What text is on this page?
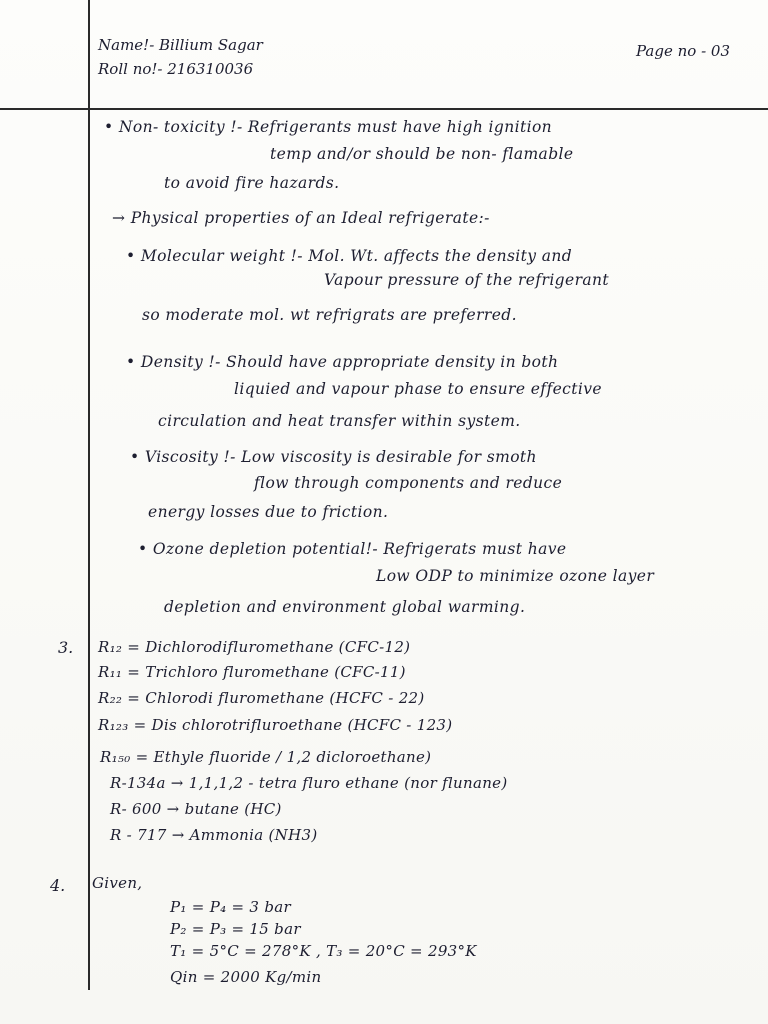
Name!- Billium Sagar
Roll no!- 216310036
Page no - 03
• Non- toxicity !- Refrigerants must have high ignition
temp and/or should be non- flamable
to avoid fire hazards.
→ Physical properties of an Ideal refrigerate:-
• Molecular weight !- Mol. Wt. affects the density and
Vapour pressure of the refrigerant
so moderate mol. wt refrigrats are preferred.
• Density !- Should have appropriate density in both
liquied and vapour phase to ensure effective
circulation and heat transfer within system.
• Viscosity !- Low viscosity is desirable for smoth
flow through components and reduce
energy losses due to friction.
• Ozone depletion potential!- Refrigerats must have
Low ODP to minimize ozone layer
depletion and environment global warming.
3. R₁₂ = Dichlorodifluromethane (CFC-12)
R₁₁ = Trichloro fluromethane (CFC-11)
R₂₂ = Chlorodi fluromethane (HCFC - 22)
R₁₂₃ = Dis chlorotrifluroethane (HCFC - 123)
R₁₅₀ = Ethyle fluoride / 1,2 dicloroethane)
R-134a → 1,1,1,2 - tetra fluro ethane (nor flunane)
R- 600 → butane (HC)
R - 717 → Ammonia (NH3)
4. Given,
P₁ = P₄ = 3 bar
P₂ = P₃ = 15 bar
T₁ = 5°C = 278°K , T₃ = 20°C = 293°K
Qin = 2000 Kg/min
